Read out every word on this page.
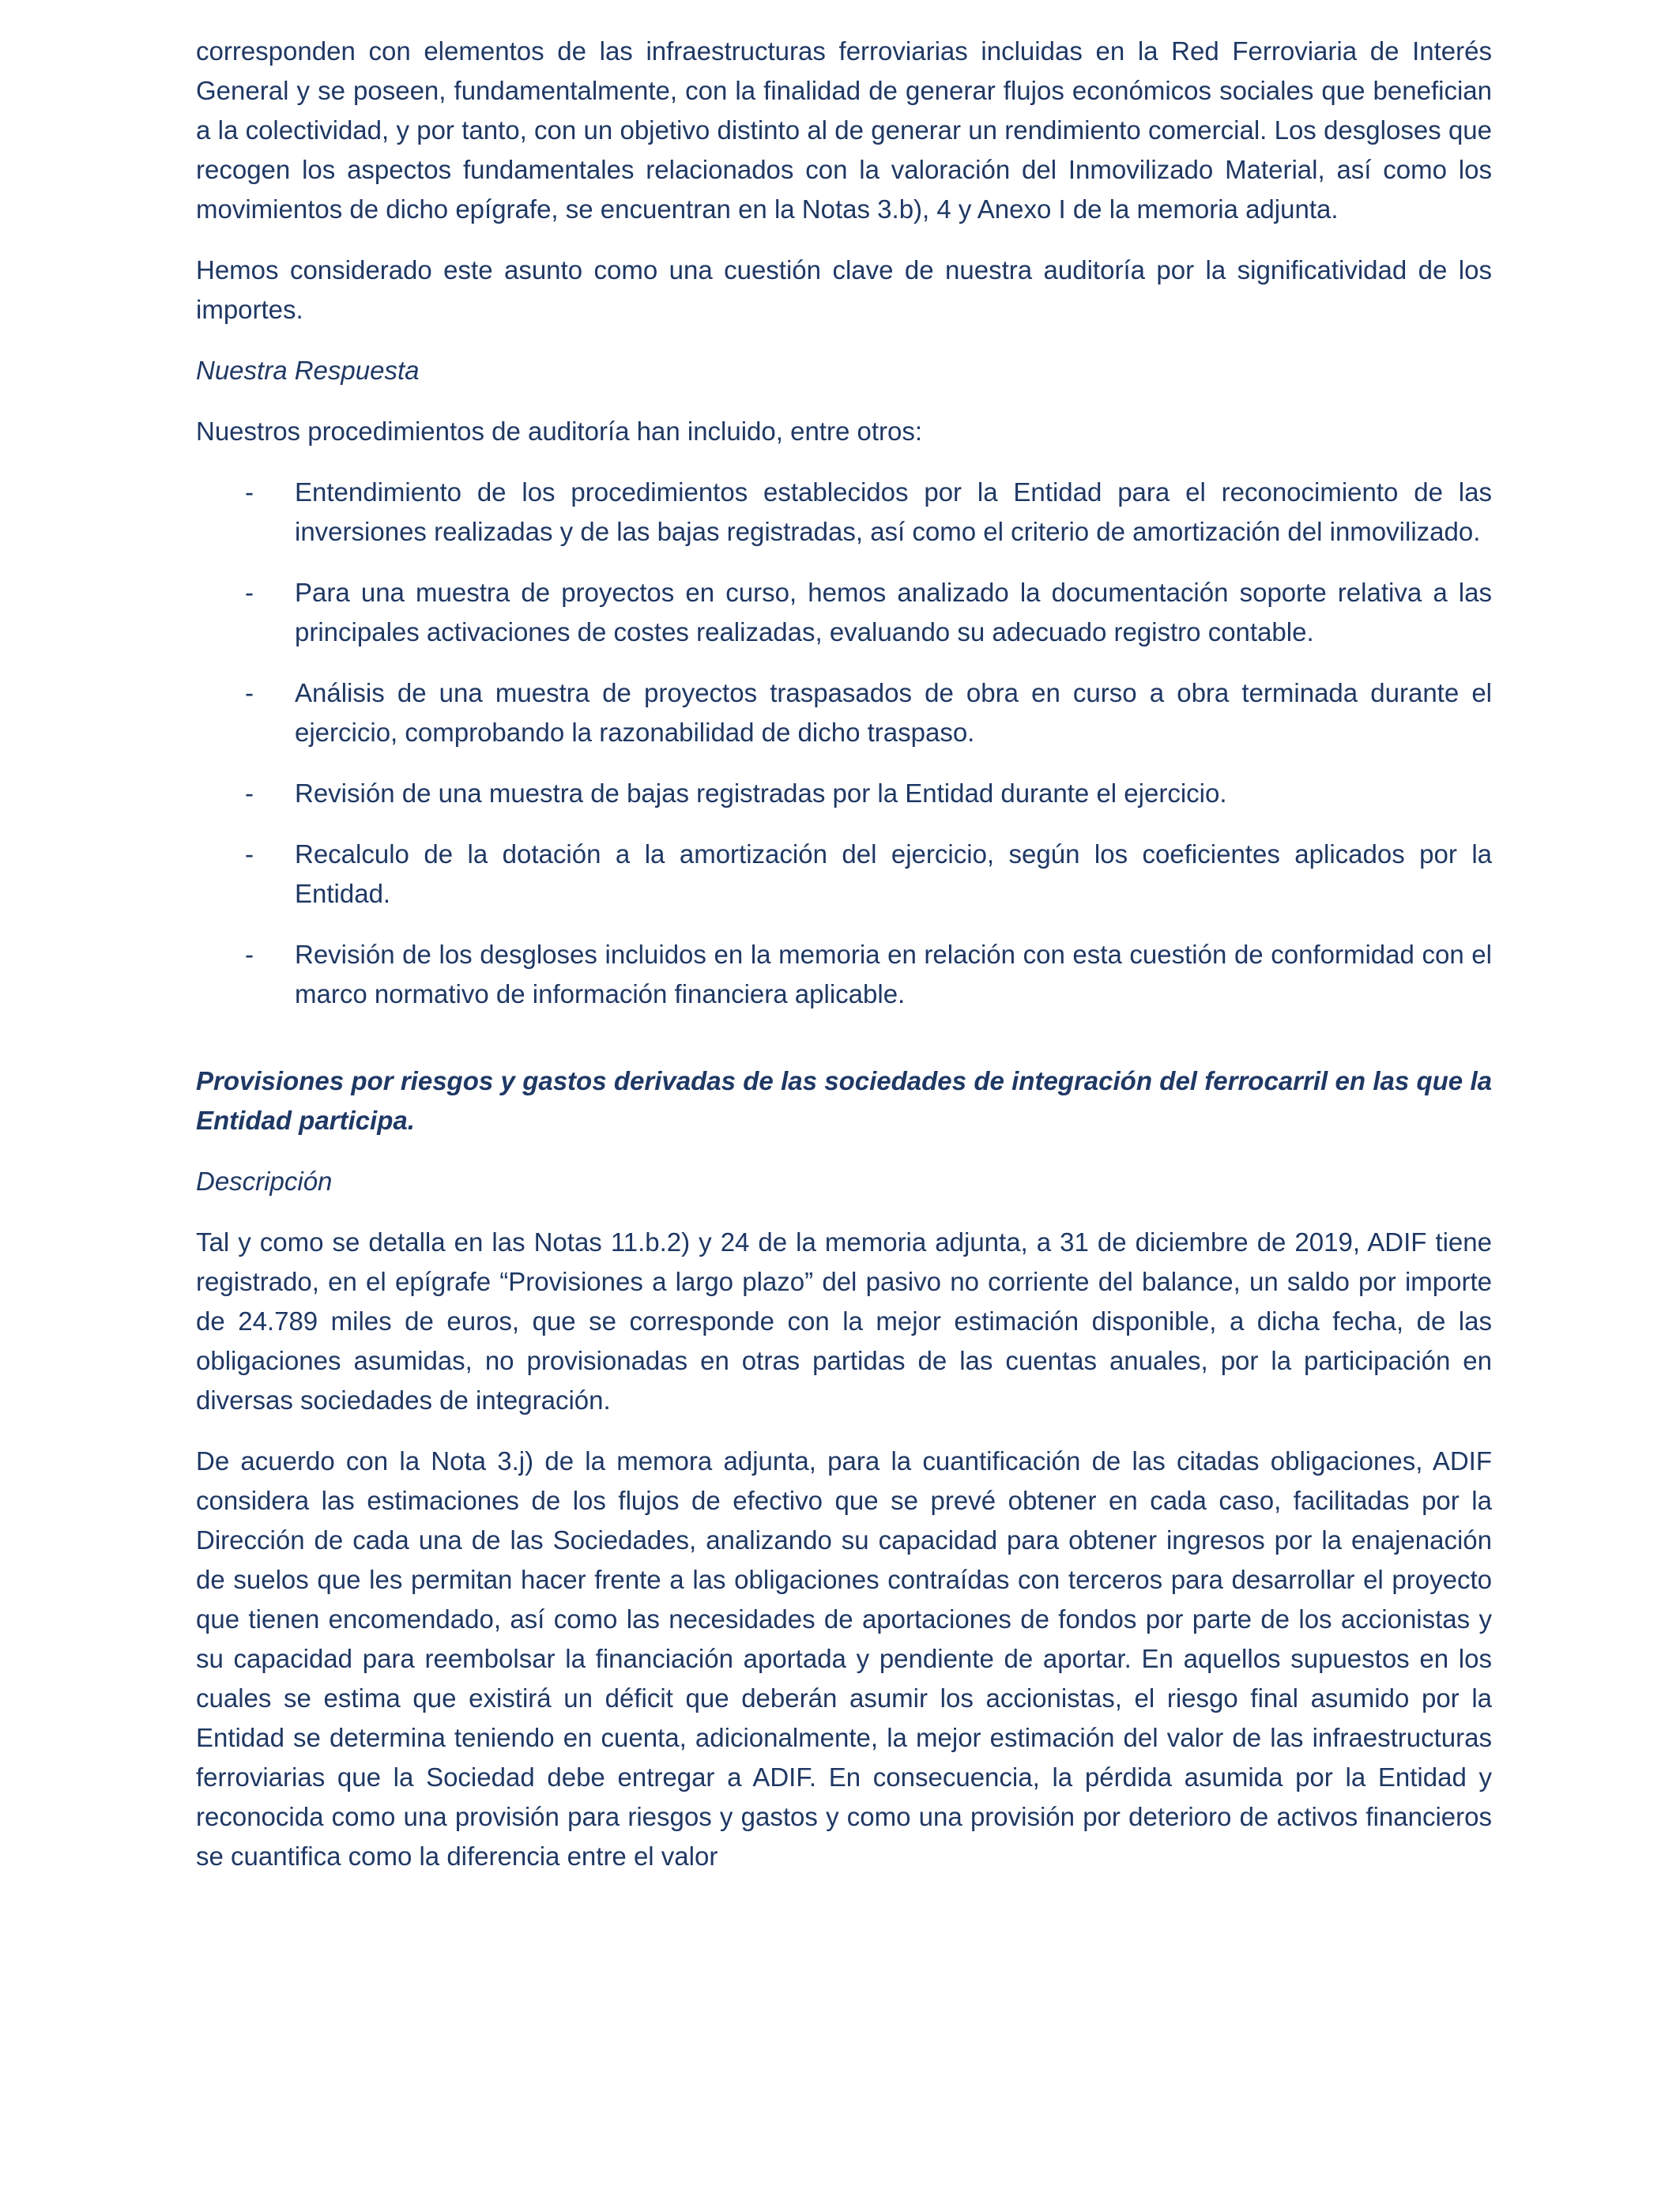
corresponden con elementos de las infraestructuras ferroviarias incluidas en la Red Ferroviaria de Interés General y se poseen, fundamentalmente, con la finalidad de generar flujos económicos sociales que benefician a la colectividad, y por tanto, con un objetivo distinto al de generar un rendimiento comercial. Los desgloses que recogen los aspectos fundamentales relacionados con la valoración del Inmovilizado Material, así como los movimientos de dicho epígrafe, se encuentran en la Notas 3.b), 4 y Anexo I de la memoria adjunta.

Hemos considerado este asunto como una cuestión clave de nuestra auditoría por la significatividad de los importes.

Nuestra Respuesta

Nuestros procedimientos de auditoría han incluido, entre otros:

-	Entendimiento de los procedimientos establecidos por la Entidad para el reconocimiento de las inversiones realizadas y de las bajas registradas, así como el criterio de amortización del inmovilizado.

-	Para una muestra de proyectos en curso, hemos analizado la documentación soporte relativa a las principales activaciones de costes realizadas, evaluando su adecuado registro contable.

-	Análisis de una muestra de proyectos traspasados de obra en curso a obra terminada durante el ejercicio, comprobando la razonabilidad de dicho traspaso.

-	Revisión de una muestra de bajas registradas por la Entidad durante el ejercicio.

-	Recalculo de la dotación a la amortización del ejercicio, según los coeficientes aplicados por la Entidad.

-	Revisión de los desgloses incluidos en la memoria en relación con esta cuestión de conformidad con el marco normativo de información financiera aplicable.

Provisiones por riesgos y gastos derivadas de las sociedades de integración del ferrocarril en las que la Entidad participa.

Descripción

Tal y como se detalla en las Notas 11.b.2) y 24 de la memoria adjunta, a 31 de diciembre de 2019, ADIF tiene registrado, en el epígrafe “Provisiones a largo plazo” del pasivo no corriente del balance, un saldo por importe de 24.789 miles de euros, que se corresponde con la mejor estimación disponible, a dicha fecha, de las obligaciones asumidas, no provisionadas en otras partidas de las cuentas anuales, por la participación en diversas sociedades de integración.

De acuerdo con la Nota 3.j) de la memora adjunta, para la cuantificación de las citadas obligaciones, ADIF considera las estimaciones de los flujos de efectivo que se prevé obtener en cada caso, facilitadas por la Dirección de cada una de las Sociedades, analizando su capacidad para obtener ingresos por la enajenación de suelos que les permitan hacer frente a las obligaciones contraídas con terceros para desarrollar el proyecto que tienen encomendado, así como las necesidades de aportaciones de fondos por parte de los accionistas y su capacidad para reembolsar la financiación aportada y pendiente de aportar. En aquellos supuestos en los cuales se estima que existirá un déficit que deberán asumir los accionistas, el riesgo final asumido por la Entidad se determina teniendo en cuenta, adicionalmente, la mejor estimación del valor de las infraestructuras ferroviarias que la Sociedad debe entregar a ADIF. En consecuencia, la pérdida asumida por la Entidad y reconocida como una provisión para riesgos y gastos y como una provisión por deterioro de activos financieros se cuantifica como la diferencia entre el valor
